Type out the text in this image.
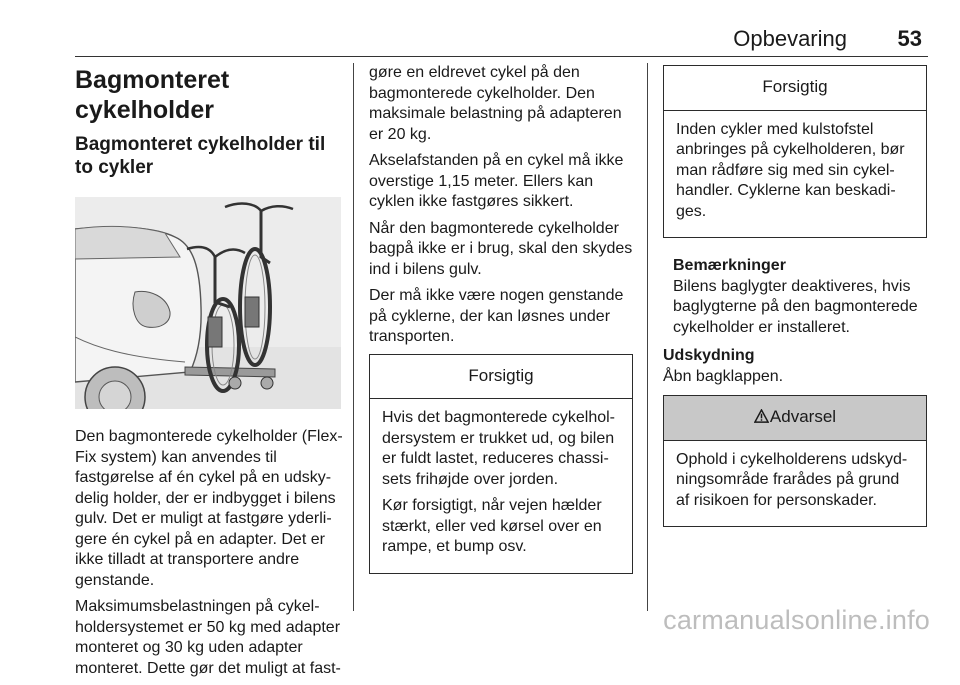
Opbevaring 53
Bagmonteret cykelholder
Bagmonteret cykelholder til to cykler

Den bagmonterede cykelholder (Flex-Fix system) kan anvendes til fastgørelse af én cykel på en udsky-delig holder, der er indbygget i bilens gulv. Det er muligt at fastgøre yderli-gere én cykel på en adapter. Det er ikke tilladt at transportere andre genstande.

Maksimumsbelastningen på cykel-holdersystemet er 50 kg med adapter monteret og 30 kg uden adapter monteret. Dette gør det muligt at fast-

gøre en eldrevet cykel på den bagmonterede cykelholder. Den maksimale belastning på adapteren er 20 kg.

Akselafstanden på en cykel må ikke overstige 1,15 meter. Ellers kan cyklen ikke fastgøres sikkert.

Når den bagmonterede cykelholder bagpå ikke er i brug, skal den skydes ind i bilens gulv.

Der må ikke være nogen genstande på cyklerne, der kan løsnes under transporten.

Forsigtig

Hvis det bagmonterede cykelhol-dersystem er trukket ud, og bilen er fuldt lastet, reduceres chassi-sets frihøjde over jorden.

Kør forsigtigt, når vejen hælder stærkt, eller ved kørsel over en rampe, et bump osv.

Forsigtig

Inden cykler med kulstofstel anbringes på cykelholderen, bør man rådføre sig med sin cykel-handler. Cyklerne kan beskadi-ges.

Bemærkninger
Bilens baglygter deaktiveres, hvis baglygterne på den bagmonterede cykelholder er installeret.
Udskydning

Åbn bagklappen.

Advarsel

Ophold i cykelholderens udskyd-ningsområde frarådes på grund af risikoen for personskader.

carmanualsonline.info
